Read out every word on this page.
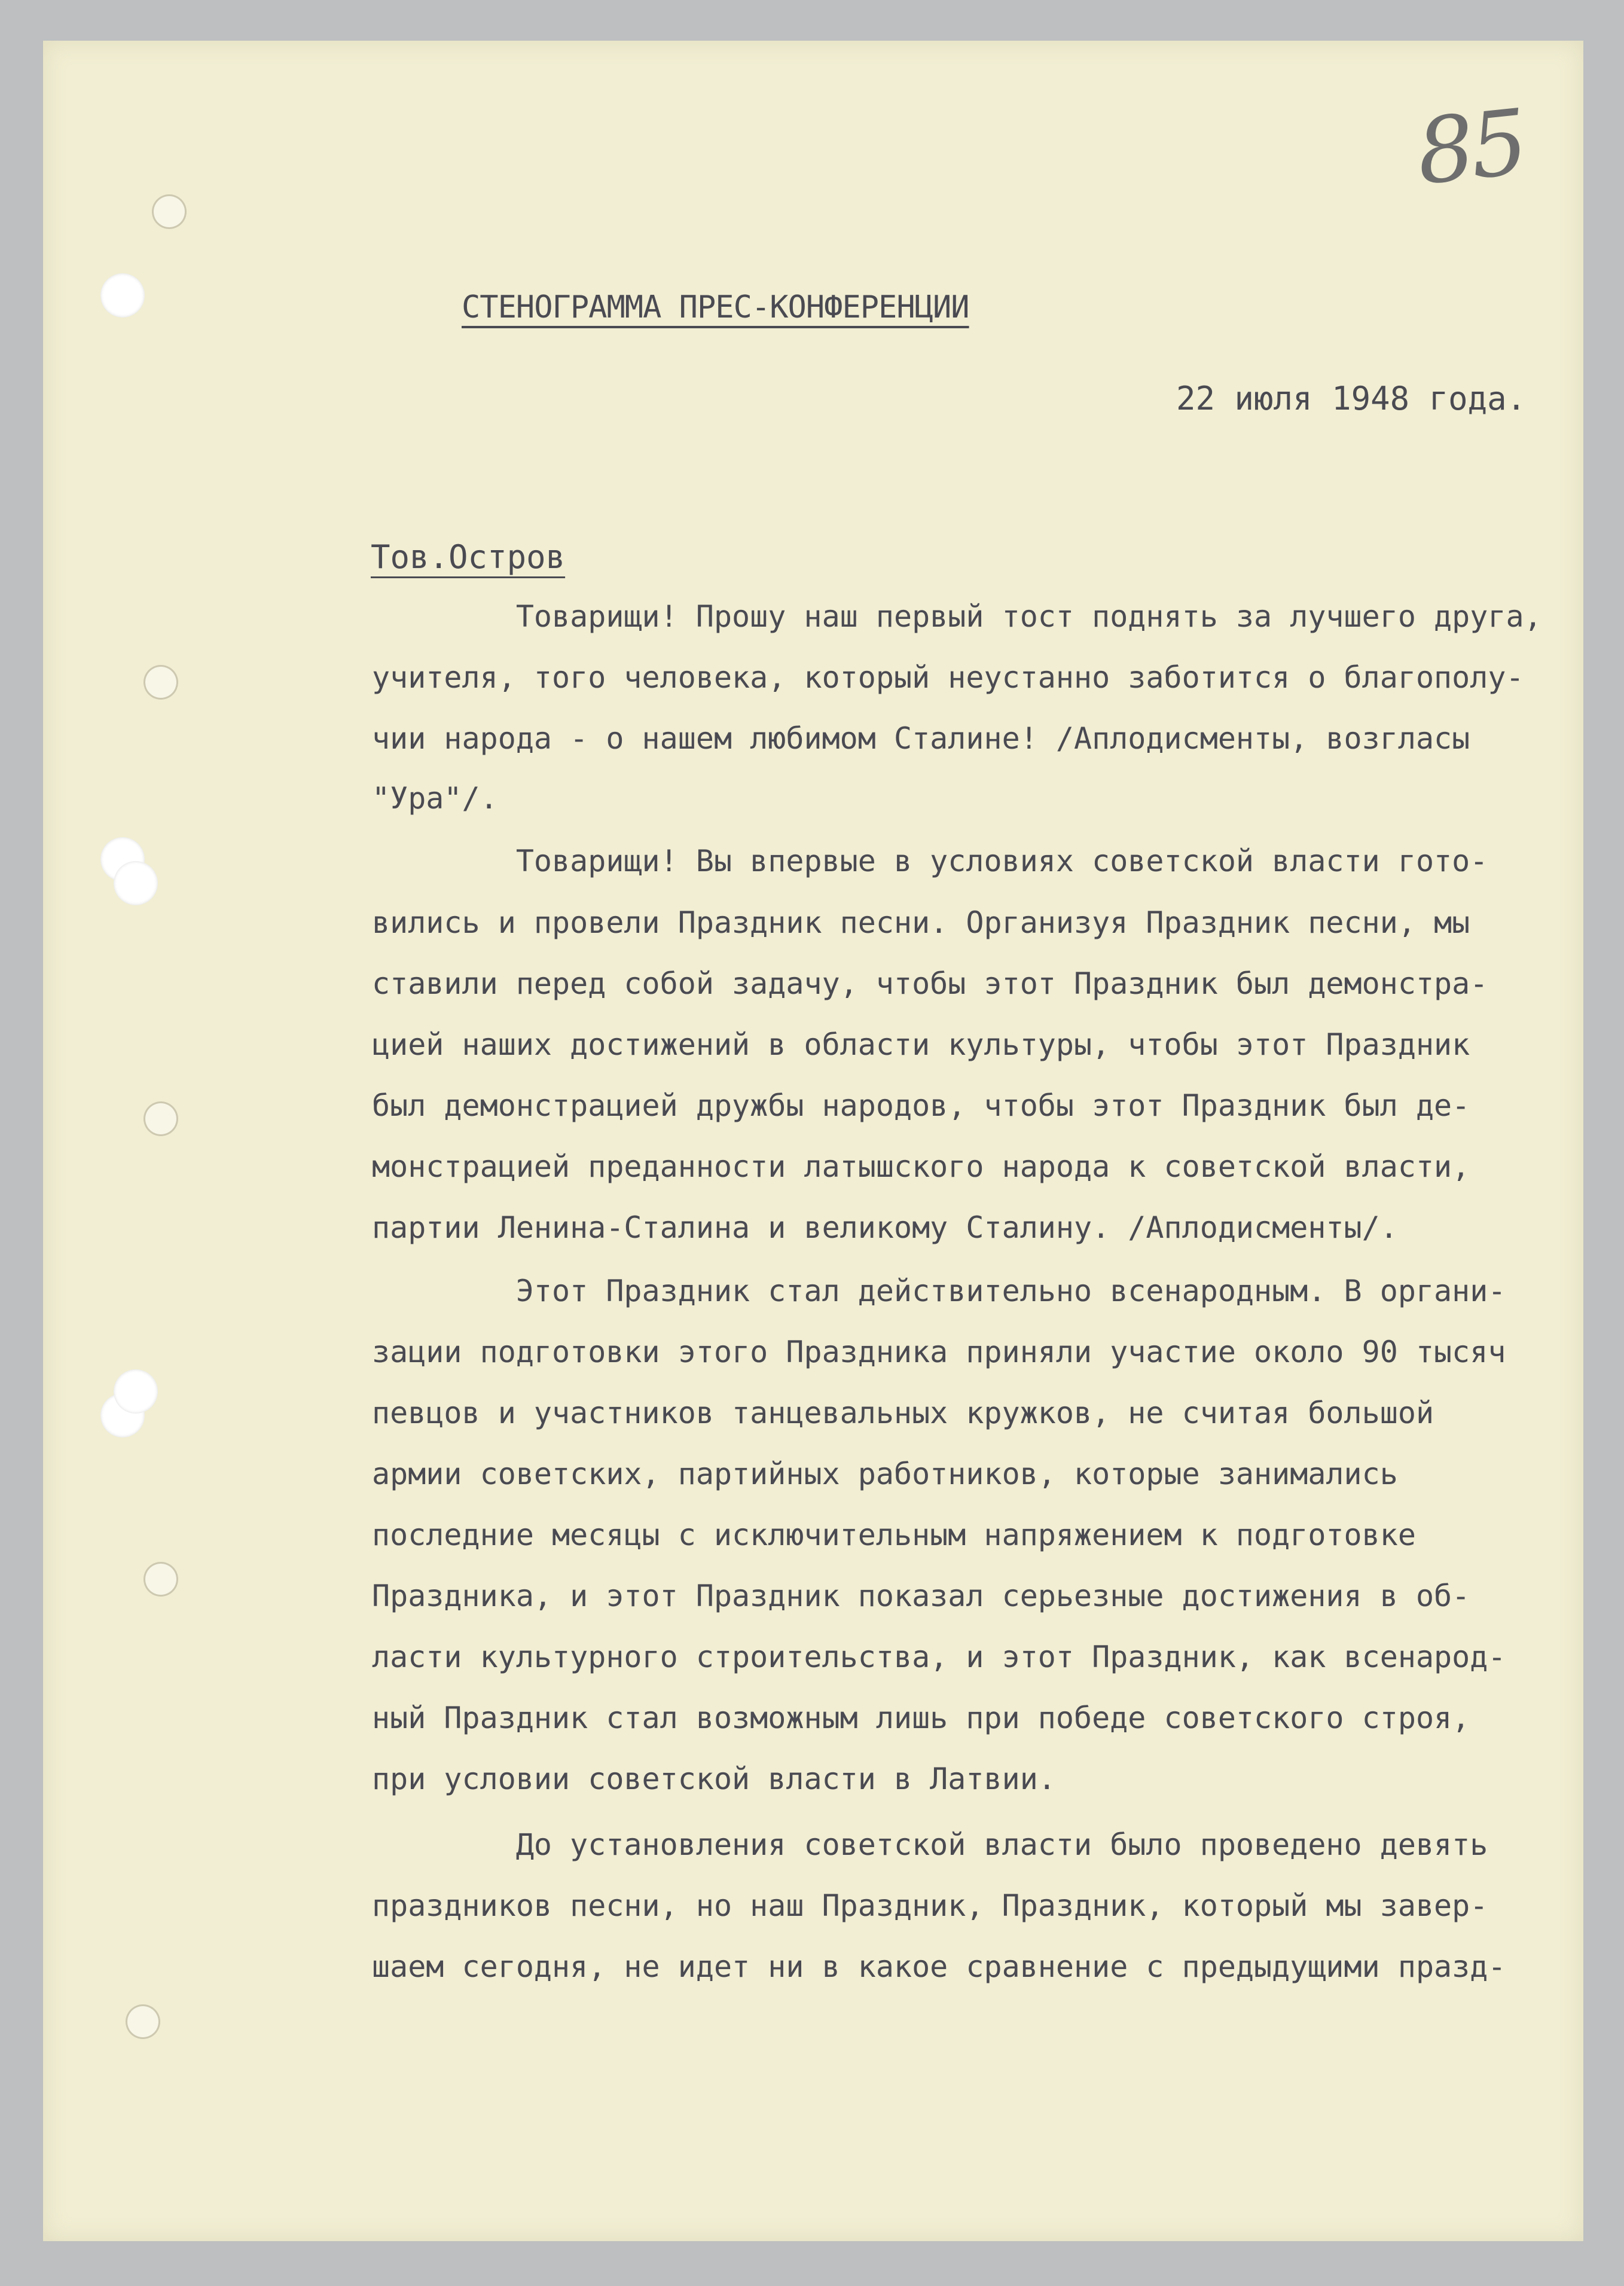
85
СТЕНОГРАММА ПРЕС-КОНФЕРЕНЦИИ
22 июля 1948 года.
Тов.Остров
Товарищи! Прошу наш первый тост поднять за лучшего друга,
учителя, того человека, который неустанно заботится о благополу-
чии народа - о нашем любимом Сталине! /Аплодисменты, возгласы
"Ура"/.
Товарищи! Вы впервые в условиях советской власти гото-
вились и провели Праздник песни. Организуя Праздник песни, мы
ставили перед собой задачу, чтобы этот Праздник был демонстра-
цией наших достижений в области культуры, чтобы этот Праздник
был демонстрацией дружбы народов, чтобы этот Праздник был де-
монстрацией преданности латышского народа к советской власти,
партии Ленина-Сталина и великому Сталину. /Аплодисменты/.
Этот Праздник стал действительно всенародным. В органи-
зации подготовки этого Праздника приняли участие около 90 тысяч
певцов и участников танцевальных кружков, не считая большой
армии советских, партийных работников, которые занимались
последние месяцы с исключительным напряжением к подготовке
Праздника, и этот Праздник показал серьезные достижения в об-
ласти культурного строительства, и этот Праздник, как всенарод-
ный Праздник стал возможным лишь при победе советского строя,
при условии советской власти в Латвии.
До установления советской власти было проведено девять
праздников песни, но наш Праздник, Праздник, который мы завер-
шаем сегодня, не идет ни в какое сравнение с предыдущими празд-
